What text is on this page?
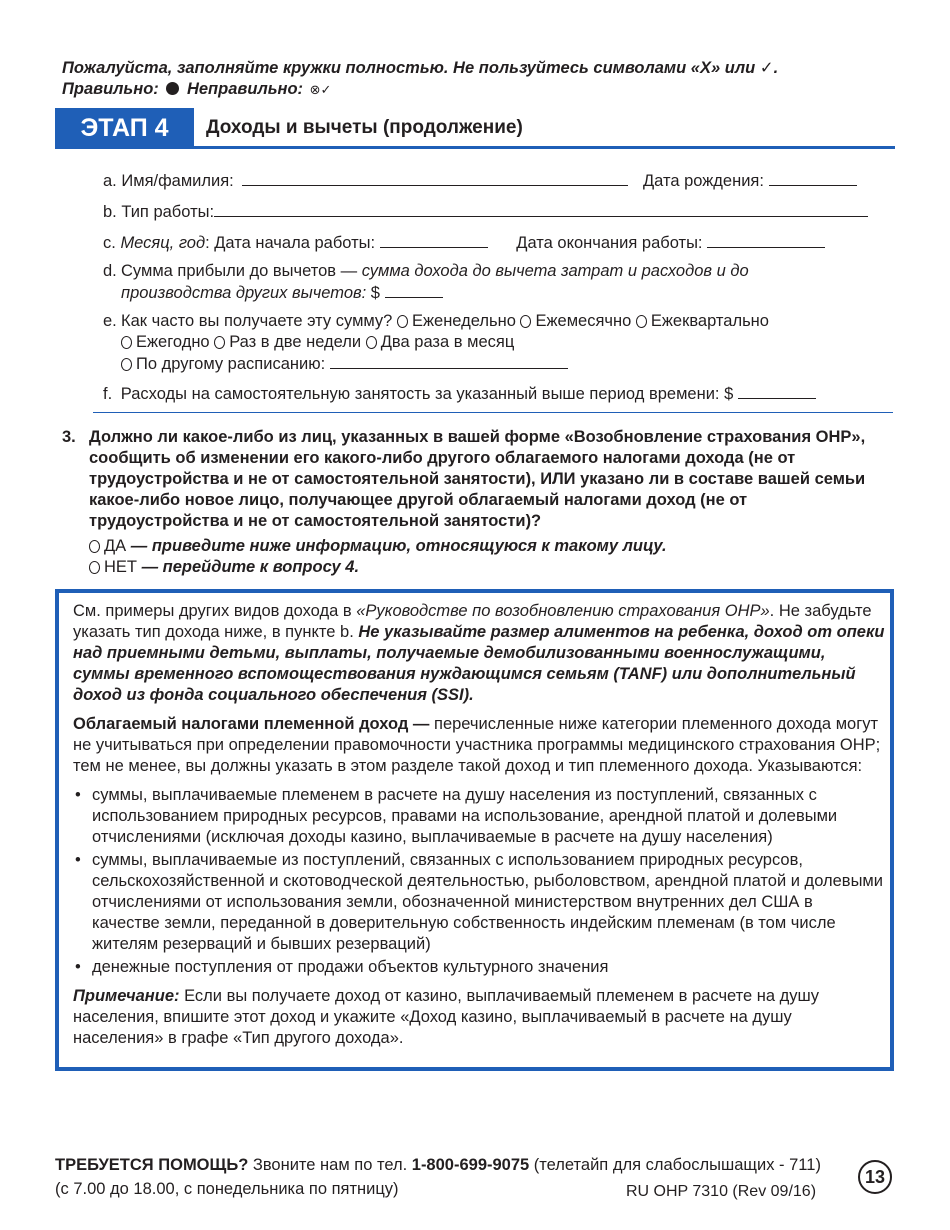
Пожалуйста, заполняйте кружки полностью. Не пользуйтесь символами «X» или ✓.
Правильно: Неправильно: ⊗✓
ЭТАП 4	Доходы и вычеты (продолжение)
a. Имя/фамилия:	Дата рождения:
b. Тип работы:
c. Месяц, год: Дата начала работы:	Дата окончания работы:
d. Сумма прибыли до вычетов — сумма дохода до вычета затрат и расходов и до производства других вычетов: $
e. Как часто вы получаете эту сумму? Еженедельно Ежемесячно Ежеквартально
Ежегодно Раз в две недели Два раза в месяц
По другому расписанию:
f. Расходы на самостоятельную занятость за указанный выше период времени: $
3. Должно ли какое-либо из лиц, указанных в вашей форме «Возобновление страхования OHP», сообщить об изменении его какого-либо другого облагаемого налогами дохода (не от трудоустройства и не от самостоятельной занятости), ИЛИ указано ли в составе вашей семьи какое-либо новое лицо, получающее другой облагаемый налогами доход (не от трудоустройства и не от самостоятельной занятости)?
ДА — приведите ниже информацию, относящуюся к такому лицу.
НЕТ — перейдите к вопросу 4.

См. примеры других видов дохода в «Руководстве по возобновлению страхования OHP». Не забудьте указать тип дохода ниже, в пункте b. Не указывайте размер алиментов на ребенка, доход от опеки над приемными детьми, выплаты, получаемые демобилизованными военнослужащими, суммы временного вспомоществования нуждающимся семьям (TANF) или дополнительный доход из фонда социального обеспечения (SSI).

Облагаемый налогами племенной доход — перечисленные ниже категории племенного дохода могут не учитываться при определении правомочности участника программы медицинского страхования OHP; тем не менее, вы должны указать в этом разделе такой доход и тип племенного дохода. Указываются:

• суммы, выплачиваемые племенем в расчете на душу населения из поступлений, связанных с использованием природных ресурсов, правами на использование, арендной платой и долевыми отчислениями (исключая доходы казино, выплачиваемые в расчете на душу населения)
• суммы, выплачиваемые из поступлений, связанных с использованием природных ресурсов, сельскохозяйственной и скотоводческой деятельностью, рыболовством, арендной платой и долевыми отчислениями от использования земли, обозначенной министерством внутренних дел США в качестве земли, переданной в доверительную собственность индейским племенам (в том числе жителям резерваций и бывших резерваций)
• денежные поступления от продажи объектов культурного значения

Примечание: Если вы получаете доход от казино, выплачиваемый племенем в расчете на душу населения, впишите этот доход и укажите «Доход казино, выплачиваемый в расчете на душу населения» в графе «Тип другого дохода».

ТРЕБУЕТСЯ ПОМОЩЬ? Звоните нам по тел. 1-800-699-9075 (телетайп для слабослышащих - 711)
(с 7.00 до 18.00, с понедельника по пятницу)	RU OHP 7310 (Rev 09/16)
13
